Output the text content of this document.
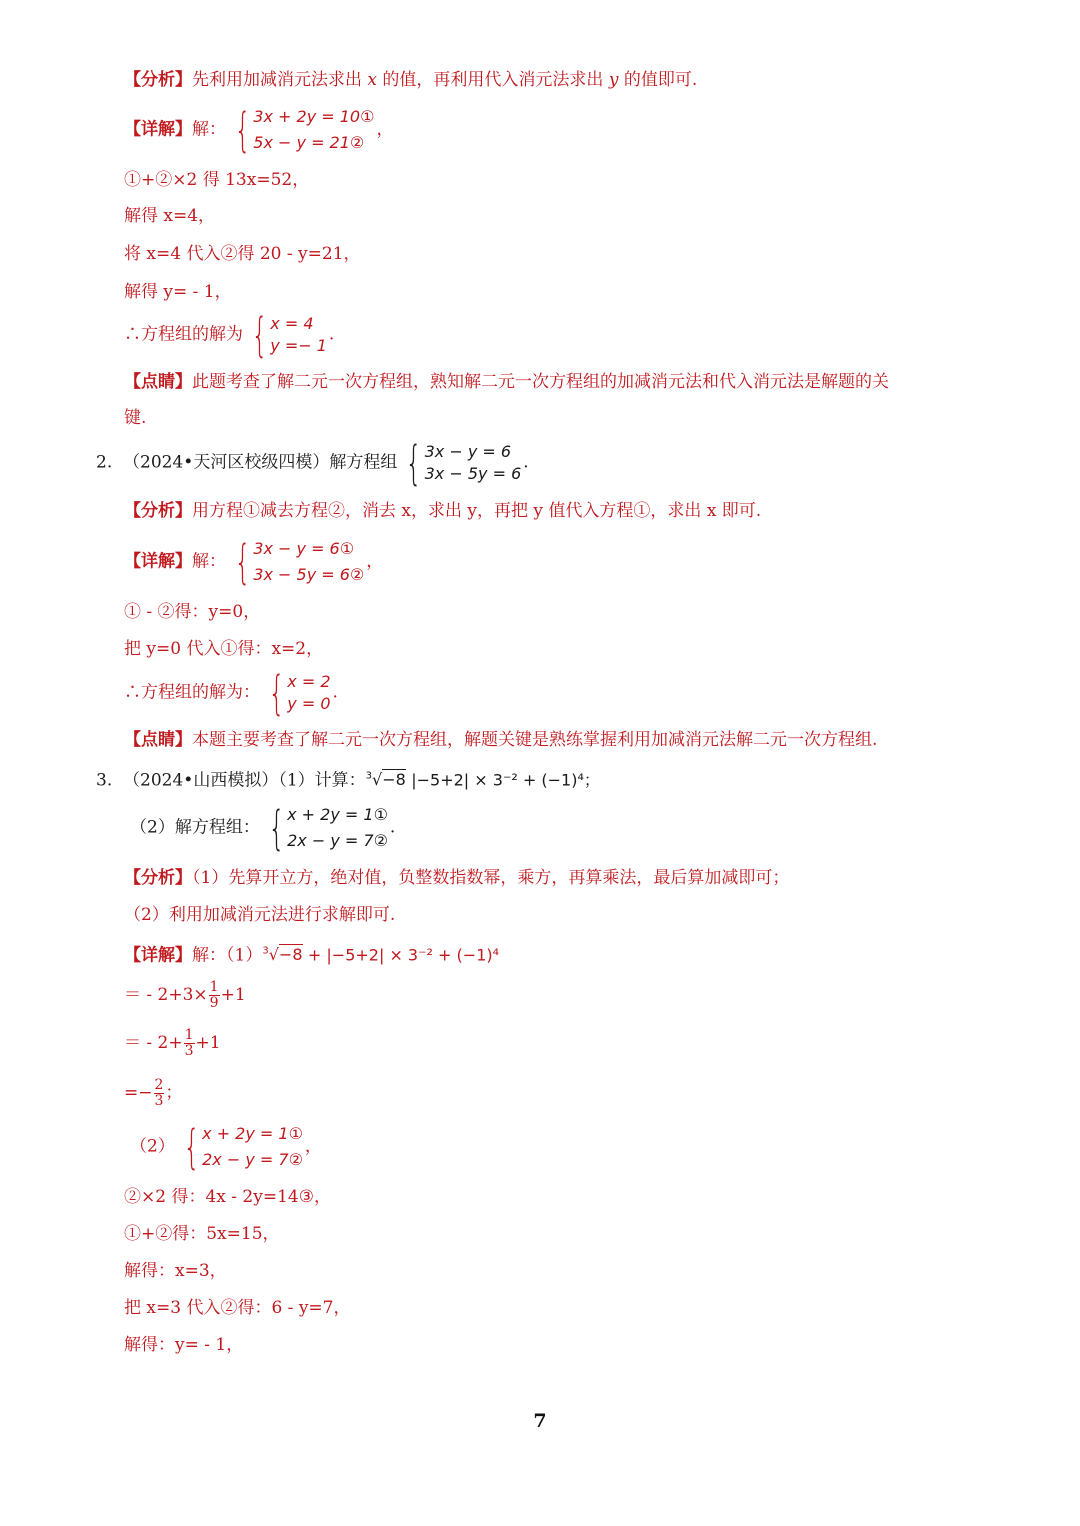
【分析】先利用加减消元法求出 x 的值，再利用代入消元法求出 y 的值即可.
【详解】解： { 3x + 2y = 10①
5x − y = 21②
，
①+②×2 得 13x=52，
解得 x=4，
将 x=4 代入②得 20 - y=21，
解得 y= - 1，
∴方程组的解为 { x = 4
y =− 1
.
【点睛】此题考查了解二元一次方程组，熟知解二元一次方程组的加减消元法和代入消元法是解题的关
键.
2. （2024•天河区校级四模）解方程组 { 3x − y = 6
3x − 5y = 6
.
【分析】用方程①减去方程②，消去 x，求出 y，再把 y 值代入方程①，求出 x 即可.
【详解】解： { 3x − y = 6①
3x − 5y = 6②
，
① - ②得：y=0，
把 y=0 代入①得：x=2，
∴方程组的解为： { x = 2
y = 0
.
【点睛】本题主要考查了解二元一次方程组，解题关键是熟练掌握利用加减消元法解二元一次方程组.
3. （2024•山西模拟）（1）计算：$^3$√−8 |−5+2| × 3⁻² + (−1)⁴；
（2）解方程组： { x + 2y = 1①
2x − y = 7②
.
【分析】（1）先算开立方，绝对值，负整数指数幂，乘方，再算乘法，最后算加减即可；
（2）利用加减消元法进行求解即可.
【详解】解：$(1)^3√-8 + |-5+2| \times 3^{-2} + (-1)^4$
＝ - $2+3\times \frac{1}{9} +1$
＝ - $2+ \frac{1}{3} +1$
=− $\frac{2}{3}$ ；
（2） { x + 2y = 1①
2x − y = 7②
，
②×2 得：4x - 2y=14③，
①+②得：5x=15，
解得：x=3，
把 x=3 代入②得：6 - y=7，
解得：y= - 1，
7
